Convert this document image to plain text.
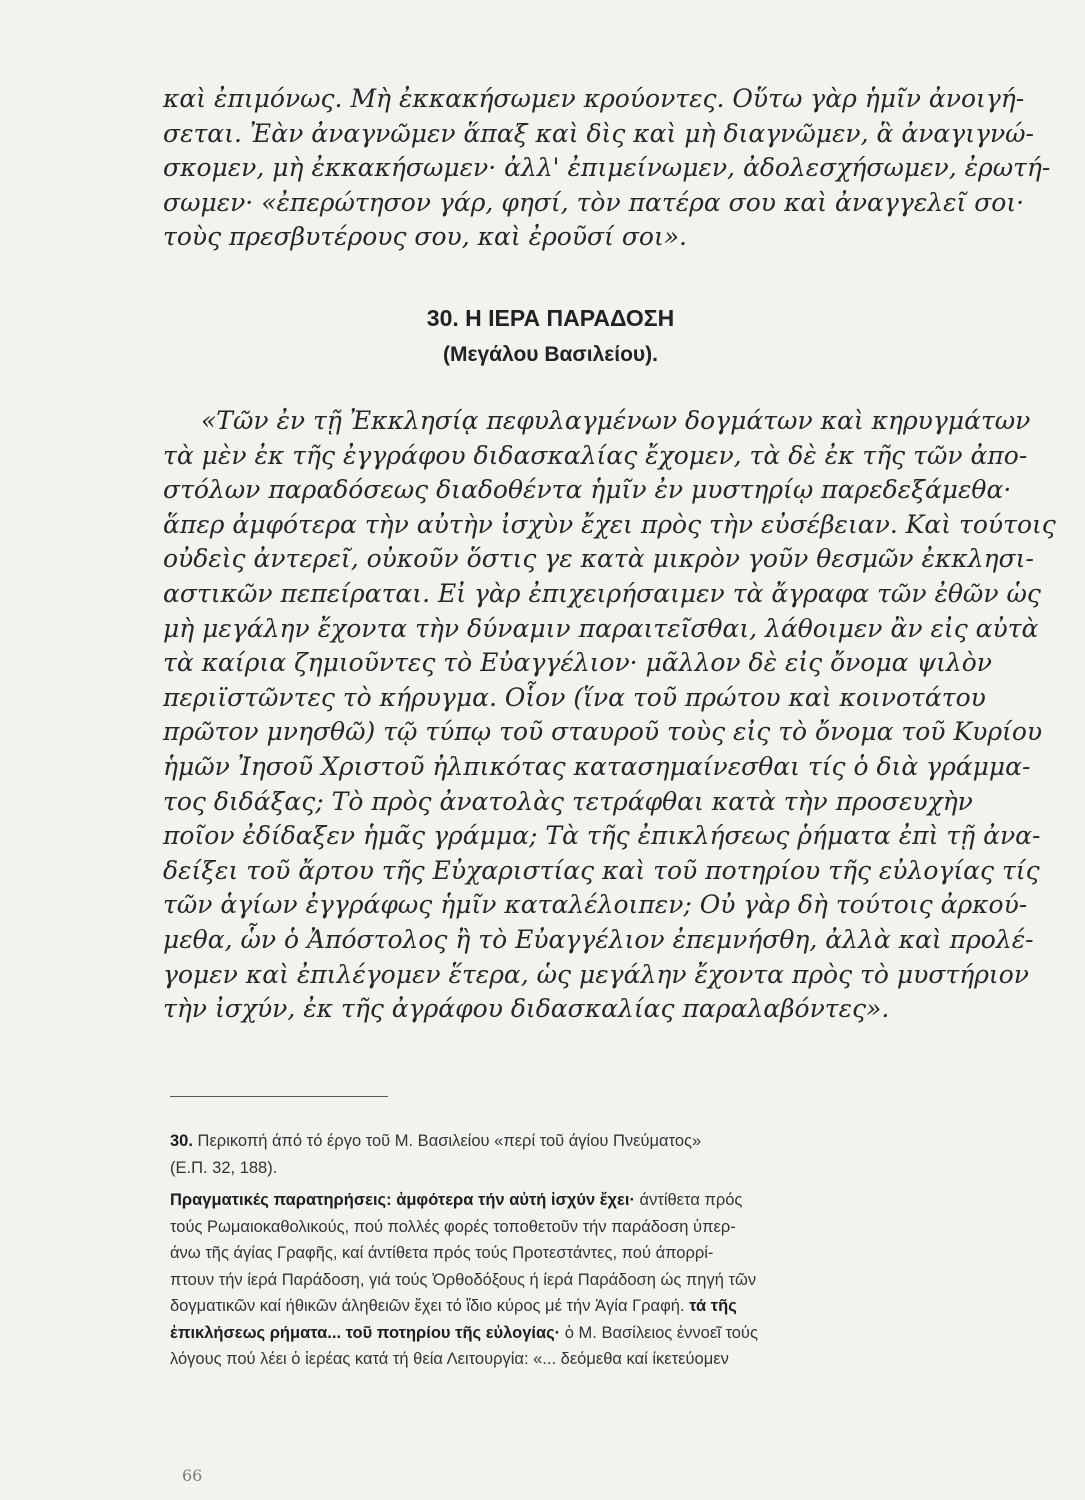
καὶ ἐπιμόνως. Μὴ ἐκκακήσωμεν κρούοντες. Οὕτω γὰρ ἡμῖν ἀνοιγή-
σεται. Ἐὰν ἀναγνῶμεν ἅπαξ καὶ δὶς καὶ μὴ διαγνῶμεν, ἃ ἀναγιγνώ-
σκομεν, μὴ ἐκκακήσωμεν· ἀλλ' ἐπιμείνωμεν, ἀδολεσχήσωμεν, ἐρωτή-
σωμεν· «ἐπερώτησον γάρ, φησί, τὸν πατέρα σου καὶ ἀναγγελεῖ σοι·
τοὺς πρεσβυτέρους σου, καὶ ἐροῦσί σοι».
30. Η ΙΕΡΑ ΠΑΡΑΔΟΣΗ
(Μεγάλου Βασιλείου).
«Τῶν ἐν τῇ Ἐκκλησίᾳ πεφυλαγμένων δογμάτων καὶ κηρυγμάτων
τὰ μὲν ἐκ τῆς ἐγγράφου διδασκαλίας ἔχομεν, τὰ δὲ ἐκ τῆς τῶν ἀπο-
στόλων παραδόσεως διαδοθέντα ἡμῖν ἐν μυστηρίῳ παρεδεξάμεθα·
ἅπερ ἀμφότερα τὴν αὐτὴν ἰσχὺν ἔχει πρὸς τὴν εὐσέβειαν. Καὶ τούτοις
οὐδεὶς ἀντερεῖ, οὐκοῦν ὅστις γε κατὰ μικρὸν γοῦν θεσμῶν ἐκκλησι-
αστικῶν πεπείραται. Εἰ γὰρ ἐπιχειρήσαιμεν τὰ ἄγραφα τῶν ἐθῶν ὡς
μὴ μεγάλην ἔχοντα τὴν δύναμιν παραιτεῖσθαι, λάθοιμεν ἂν εἰς αὐτὰ
τὰ καίρια ζημιοῦντες τὸ Εὐαγγέλιον· μᾶλλον δὲ εἰς ὄνομα ψιλὸν
περιϊστῶντες τὸ κήρυγμα. Οἷον (ἵνα τοῦ πρώτου καὶ κοινοτάτου
πρῶτον μνησθῶ) τῷ τύπῳ τοῦ σταυροῦ τοὺς εἰς τὸ ὄνομα τοῦ Κυρίου
ἡμῶν Ἰησοῦ Χριστοῦ ἠλπικότας κατασημαίνεσθαι τίς ὁ διὰ γράμμα-
τος διδάξας; Τὸ πρὸς ἀνατολὰς τετράφθαι κατὰ τὴν προσευχὴν
ποῖον ἐδίδαξεν ἡμᾶς γράμμα; Τὰ τῆς ἐπικλήσεως ῥήματα ἐπὶ τῇ ἀνα-
δείξει τοῦ ἄρτου τῆς Εὐχαριστίας καὶ τοῦ ποτηρίου τῆς εὐλογίας τίς
τῶν ἁγίων ἐγγράφως ἡμῖν καταλέλοιπεν; Οὐ γὰρ δὴ τούτοις ἀρκού-
μεθα, ὧν ὁ Ἀπόστολος ἢ τὸ Εὐαγγέλιον ἐπεμνήσθη, ἀλλὰ καὶ προλέ-
γομεν καὶ ἐπιλέγομεν ἕτερα, ὡς μεγάλην ἔχοντα πρὸς τὸ μυστήριον
τὴν ἰσχύν, ἐκ τῆς ἀγράφου διδασκαλίας παραλαβόντες».
30. Περικοπή άπό τό έργο τοῦ Μ. Βασιλείου «περί τοῦ άγίου Πνεύματος»
(Ε.Π. 32, 188).
Πραγματικές παρατηρήσεις: ἀμφότερα τήν αὐτή ἰσχύν ἔχει· άντίθετα πρός
τούς Ρωμαιοκαθολικούς, πού πολλές φορές τοποθετοῦν τήν παράδοση ὑπερ-
άνω τῆς άγίας Γραφῆς, καί άντίθετα πρός τούς Προτεστάντες, πού άπορρί-
πτουν τήν ίερά Παράδοση, γιά τούς Ὀρθοδόξους ή ίερά Παράδοση ώς πηγή τῶν
δογματικῶν καί ήθικῶν άληθειῶν ἔχει τό ἴδιο κύρος μέ τήν Ἁγία Γραφή. τά τῆς
ἐπικλήσεως ρήματα... τοῦ ποτηρίου τῆς εὐλογίας· ὁ Μ. Βασίλειος ἐννοεῖ τούς
λόγους πού λέει ὁ ἱερέας κατά τή θεία Λειτουργία: «... δεόμεθα καί ίκετεύομεν
66
